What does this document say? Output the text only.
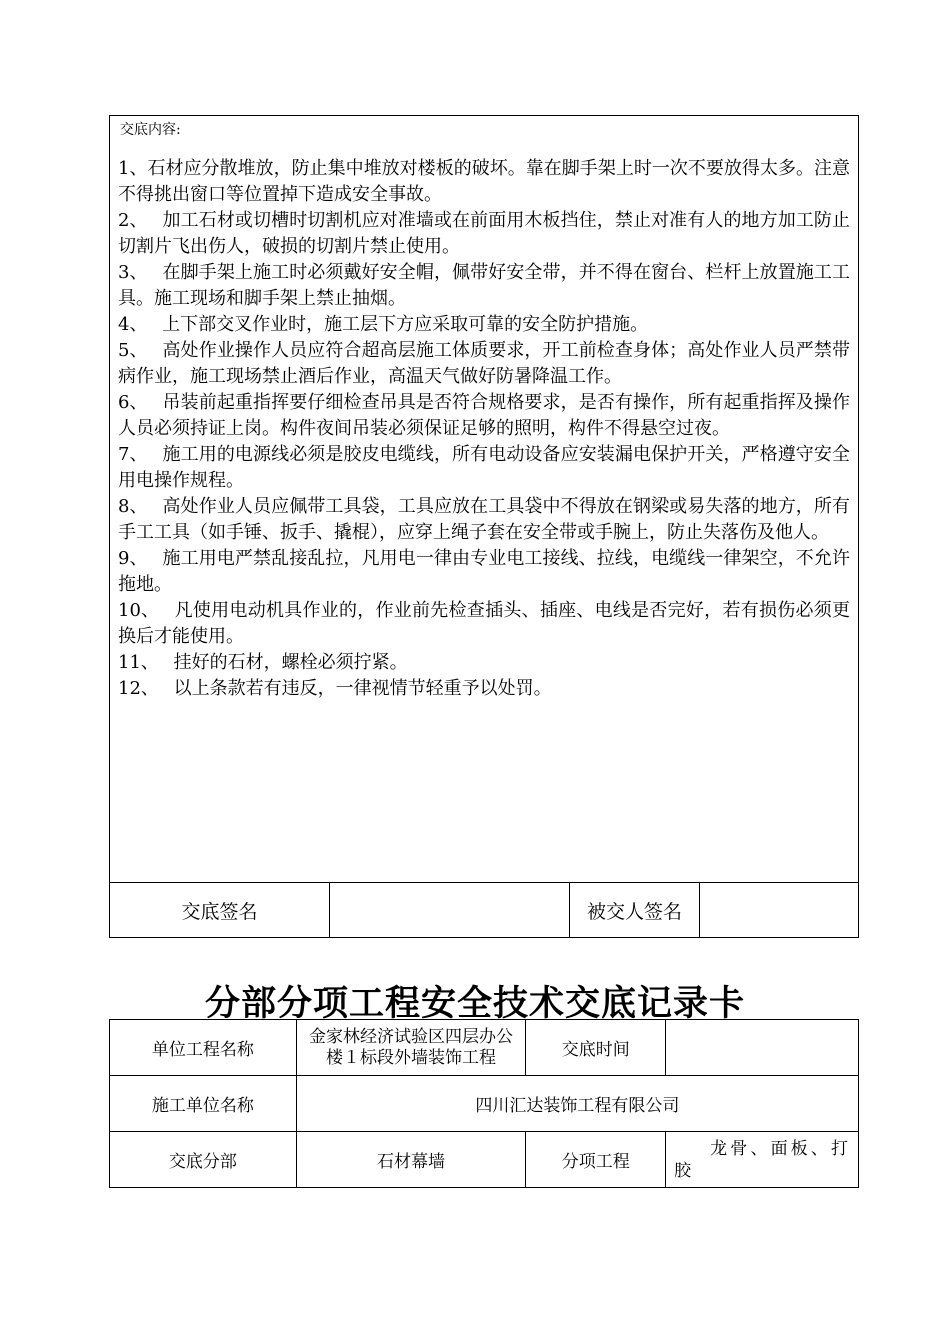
交底内容:

1、石材应分散堆放，防止集中堆放对楼板的破坏。靠在脚手架上时一次不要放得太多。注意不得挑出窗口等位置掉下造成安全事故。

2、　 加工石材或切槽时切割机应对准墙或在前面用木板挡住，禁止对准有人的地方加工防止切割片飞出伤人，破损的切割片禁止使用。

3、　 在脚手架上施工时必须戴好安全帽，佩带好安全带，并不得在窗台、栏杆上放置施工工具。施工现场和脚手架上禁止抽烟。

4、　 上下部交叉作业时，施工层下方应采取可靠的安全防护措施。

5、　 高处作业操作人员应符合超高层施工体质要求，开工前检查身体；高处作业人员严禁带病作业，施工现场禁止酒后作业，高温天气做好防暑降温工作。

6、　 吊装前起重指挥要仔细检查吊具是否符合规格要求，是否有操作，所有起重指挥及操作人员必须持证上岗。构件夜间吊装必须保证足够的照明，构件不得悬空过夜。

7、　 施工用的电源线必须是胶皮电缆线，所有电动设备应安装漏电保护开关，严格遵守安全用电操作规程。

8、　 高处作业人员应佩带工具袋，工具应放在工具袋中不得放在钢梁或易失落的地方，所有手工工具（如手锤、扳手、撬棍），应穿上绳子套在安全带或手腕上，防止失落伤及他人。

9、　 施工用电严禁乱接乱拉，凡用电一律由专业电工接线、拉线，电缆线一律架空，不允许拖地。

10、　 凡使用电动机具作业的，作业前先检查插头、插座、电线是否完好，若有损伤必须更换后才能使用。

11、　 挂好的石材，螺栓必须拧紧。

12、　 以上条款若有违反，一律视情节轻重予以处罚。

交底签名	被交人签名
分部分项工程安全技术交底记录卡
单位工程名称	金家林经济试验区四层办公楼１标段外墙装饰工程	交底时间	
施工单位名称	四川汇达装饰工程有限公司		
交底分部	石材幕墙	分项工程	龙骨、面板、打胶
